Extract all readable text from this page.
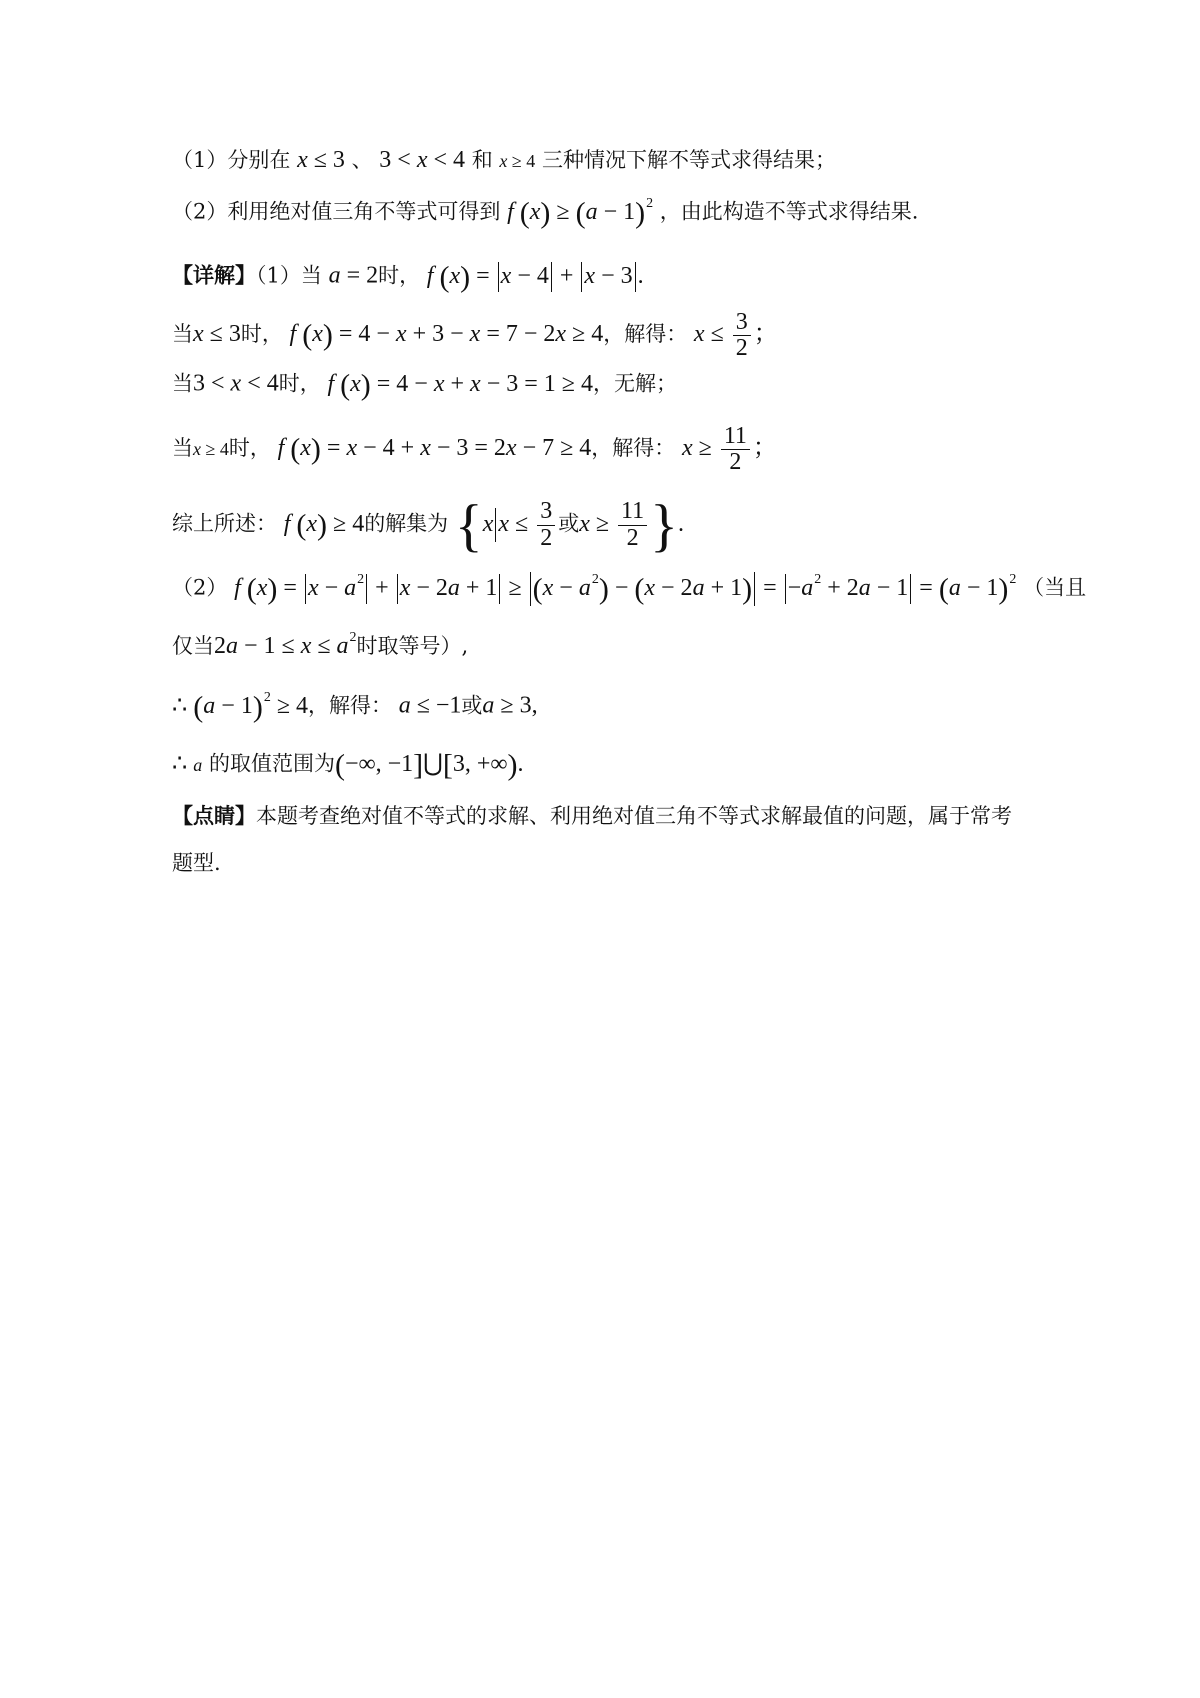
（1）分别在 x ≤ 3 、 3 < x < 4 和 x ≥ 4 三种情况下解不等式求得结果；
（2）利用绝对值三角不等式可得到 f $(x) \ge (a - 1)^2$ ，由此构造不等式求得结果.
【详解】（1）当 a = 2时， f (x) = x − 4 + x − 3 .
当x ≤ 3时， f (x) = 4 − x + 3 − x = 7 − 2x ≥ 4，解得： $x \le \frac{3}{2}$ ；
当3 < x < 4时， f (x) = 4 − x + x − 3 = 1 ≥ 4，无解；
当x ≥ 4时， f (x) = x − 4 + x − 3 = 2x − 7 ≥ 4，解得： $x \ge \frac{11}{2}$ ；
综上所述： f (x) ≥ 4的解集为 {x $x \le \frac{3}{2}$ 或$x \ge \frac{11}{2}$ }.
（2） f $(x) = x - a^2 + x - 2a + 1 \ge (x - a^2) - (x - 2a + 1) = -a^2 + 2a - 1 = (a - 1)^2$ （当且
仅当$2a - 1 \le x \le a^2$时取等号）,
∴ $(a - 1)^2 \ge 4$，解得： a ≤ −1或a ≥ 3,
∴ a 的取值范围为(−∞, −1]⋃[3, +∞).
【点睛】本题考查绝对值不等式的求解、利用绝对值三角不等式求解最值的问题，属于常考
题型.
